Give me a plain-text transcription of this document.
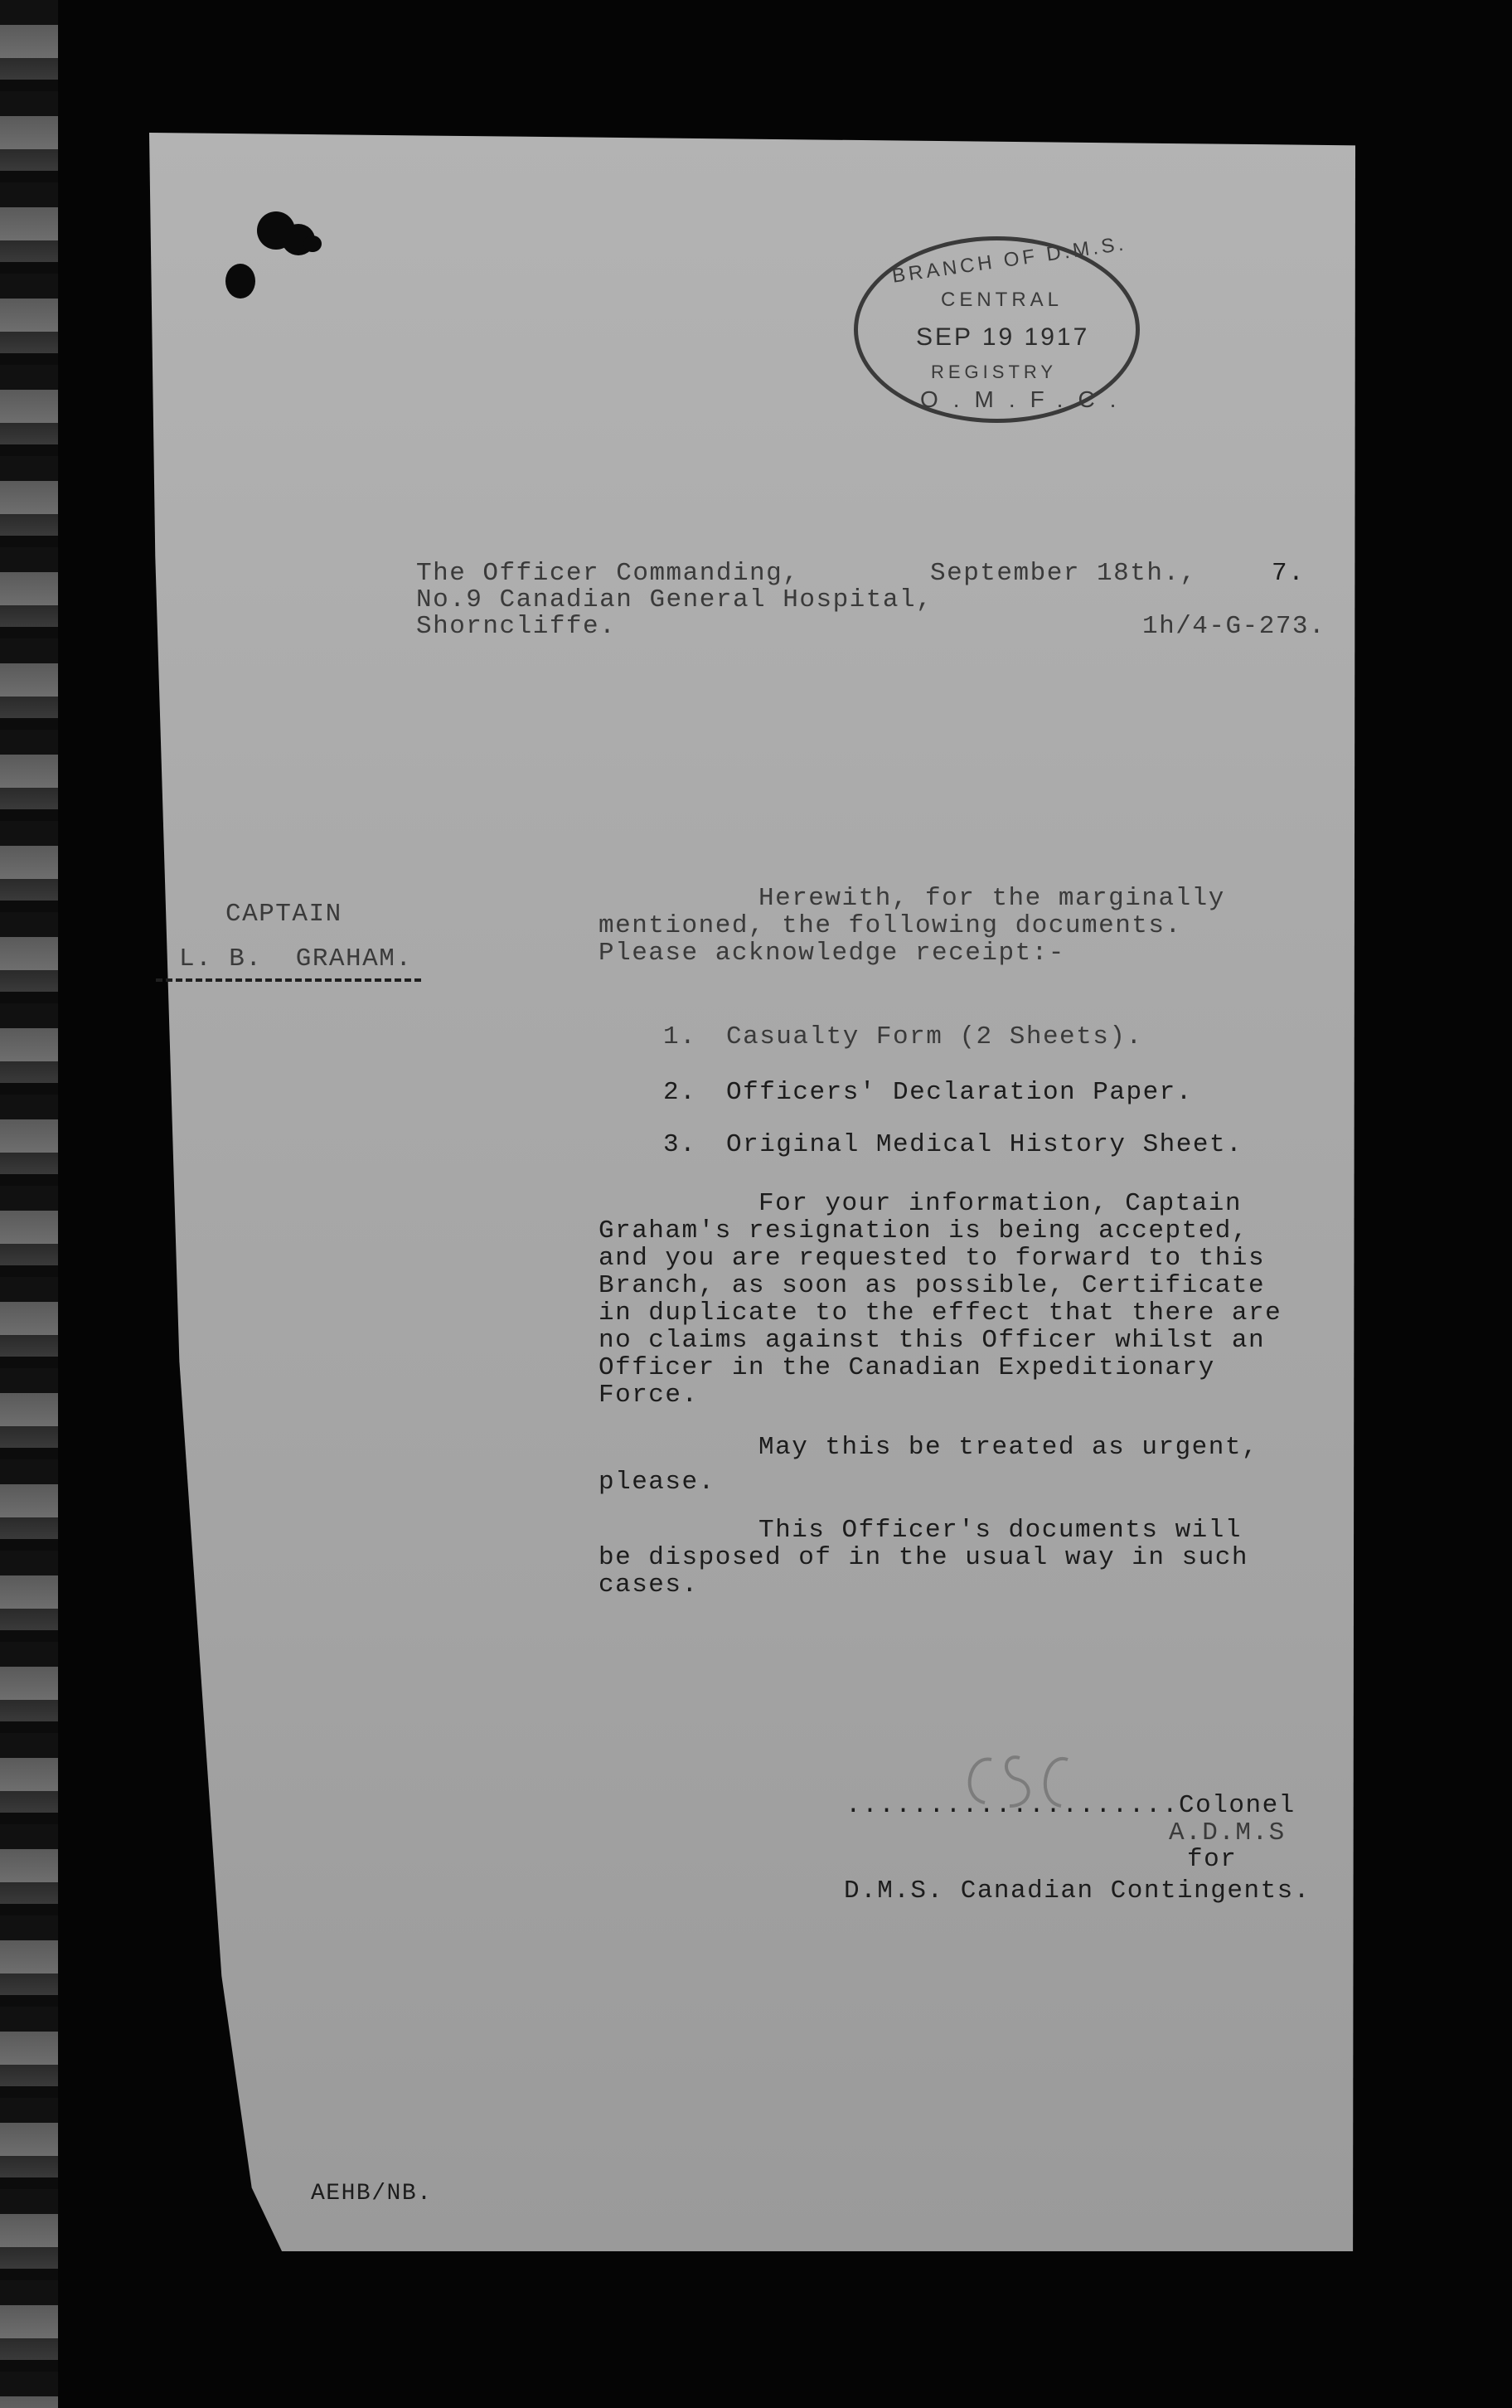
BRANCH OF D.M.S.
CENTRAL
SEP 19 1917
REGISTRY
O.M.F.C.
The Officer Commanding,
No.9 Canadian General Hospital,
Shorncliffe.
September 18th.,	7.
1h/4-G-273.
CAPTAIN
L. B.  GRAHAM.
Herewith, for the marginally
mentioned, the following documents.
Please acknowledge receipt:-
1. Casualty Form (2 Sheets).
2. Officers' Declaration Paper.
3. Original Medical History Sheet.
For your information, Captain
Graham's resignation is being accepted,
and you are requested to forward to this
Branch, as soon as possible, Certificate
in duplicate to the effect that there are
no claims against this Officer whilst an
Officer in the Canadian Expeditionary
Force.
May this be treated as urgent,
please.
This Officer's documents will
be disposed of in the usual way in such
cases.
....................Colonel
A.D.M.S
for
D.M.S. Canadian Contingents.
AEHB/NB.
